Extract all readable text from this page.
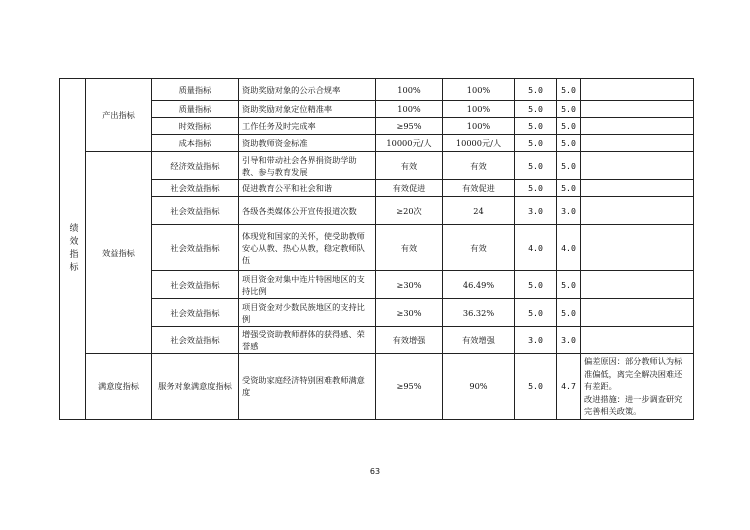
绩效指标	产出指标	质量指标	资助奖励对象的公示合规率	100%	100%	5.0	5.0	
		质量指标	资助奖励对象定位精准率	100%	100%	5.0	5.0	
		时效指标	工作任务及时完成率	≥95%	100%	5.0	5.0	
		成本指标	资助教师资金标准	10000元/人	10000元/人	5.0	5.0	
	效益指标	经济效益指标	引导和带动社会各界捐资助学助教、参与教育发展	有效	有效	5.0	5.0	
		社会效益指标	促进教育公平和社会和谐	有效促进	有效促进	5.0	5.0	
		社会效益指标	各级各类媒体公开宣传报道次数	≥20次	24	3.0	3.0	
		社会效益指标	体现党和国家的关怀，使受助教师安心从教、热心从教，稳定教师队伍	有效	有效	4.0	4.0	
		社会效益指标	项目资金对集中连片特困地区的支持比例	≥30%	46.49%	5.0	5.0	
		社会效益指标	项目资金对少数民族地区的支持比例	≥30%	36.32%	5.0	5.0	
		社会效益指标	增强受资助教师群体的获得感、荣誉感	有效增强	有效增强	3.0	3.0	
	满意度指标	服务对象满意度指标	受资助家庭经济特别困难教师满意度	≥95%	90%	5.0	4.7	偏差原因：部分教师认为标准偏低，离完全解决困难还有差距。
改进措施：进一步调查研究完善相关政策。
63
